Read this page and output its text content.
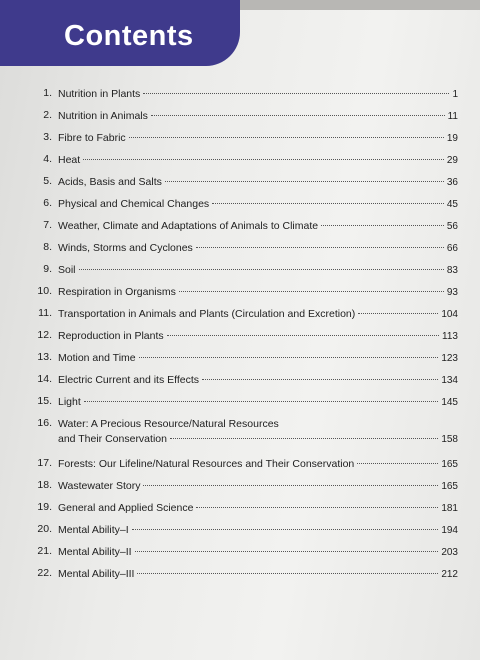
Contents
1. Nutrition in Plants	1
2. Nutrition in Animals	11
3. Fibre to Fabric	19
4. Heat	29
5. Acids, Basis and Salts	36
6. Physical and Chemical Changes	45
7. Weather, Climate and Adaptations of Animals to Climate	56
8. Winds, Storms and Cyclones	66
9. Soil	83
10. Respiration in Organisms	93
11. Transportation in Animals and Plants (Circulation and Excretion)	104
12. Reproduction in Plants	113
13. Motion and Time	123
14. Electric Current and its Effects	134
15. Light	145
16. Water: A Precious Resource/Natural Resources
and Their Conservation	158
17. Forests: Our Lifeline/Natural Resources and Their Conservation	165
18. Wastewater Story	165
19. General and Applied Science	181
20. Mental Ability–I	194
21. Mental Ability–II	203
22. Mental Ability–III	212
